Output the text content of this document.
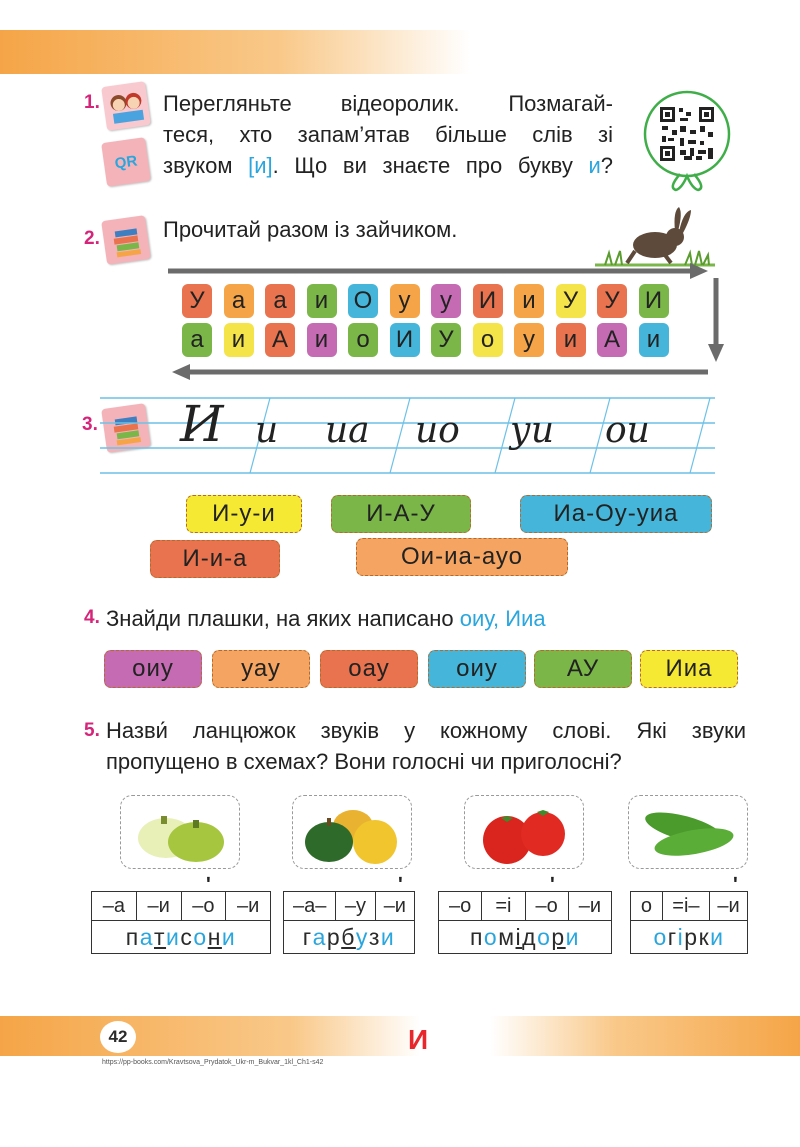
42
https://pp-books.com/Kravtsova_Prydatok_Ukr-m_Bukvar_1kl_Ch1-s42
И
1.
QR
Перегляньте відеоролик. Позмагай-
теся, хто запам’ятав більше слів зі
звуком [и]. Що ви знаєте про букву и?
2.	Прочитай разом із зайчиком.
У	а	а	и	О	у	у	И	и	У	У	И
а	и	А	и	о	И	У	о	у	и	А	и
3. И и иа ио уи ои
И-у-и	И-А-У	Иа-Оу-уиа
И-и-а	Ои-иа-ауо
4. Знайди плашки, на яких написано оиу, Ииа
оиу	уау	оау	оиу	АУ	Ииа
5. Назви́ ланцюжок звуків у кожному слові. Які звуки
пропущено в схемах? Вони голосні чи приголосні?
–а	–и	–о	–и
ʹ
п а т и с о н и
–а– –у –и
ʹ
г а р б у з и
–о	=і	–о	–и
ʹ
п о м і д о р и
о	=і– –и
ʹ
о г і р к и
